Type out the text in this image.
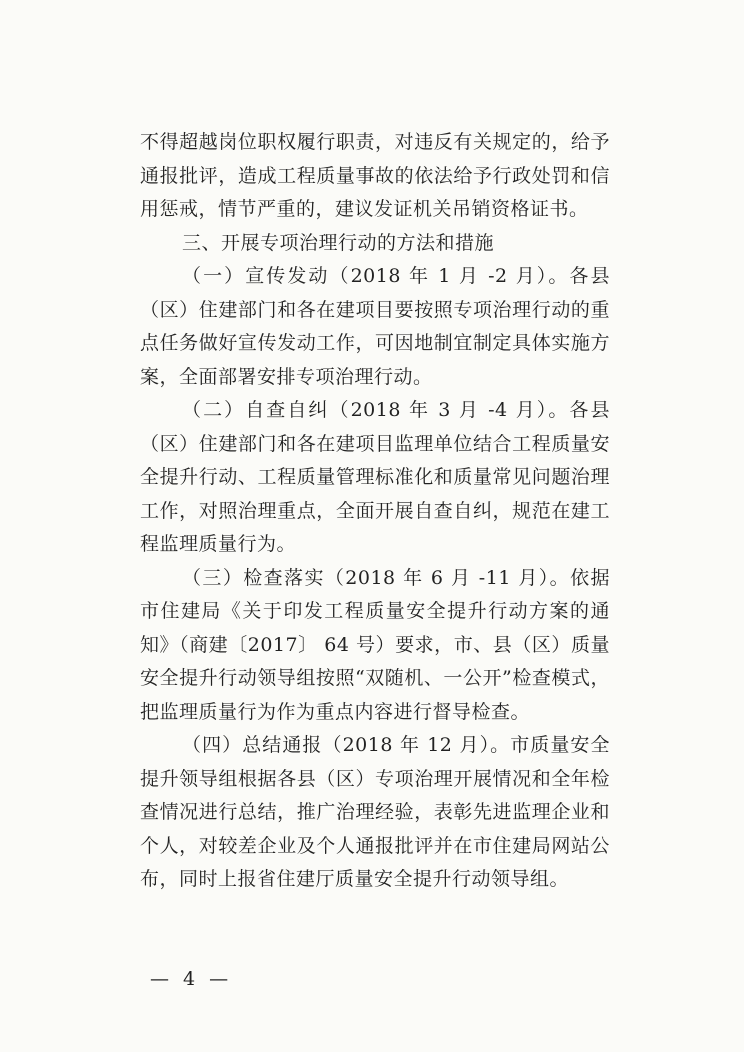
不得超越岗位职权履行职责，对违反有关规定的，给予通报批评，造成工程质量事故的依法给予行政处罚和信用惩戒，情节严重的，建议发证机关吊销资格证书。

三、开展专项治理行动的方法和措施

（一）宣传发动（2018 年 1 月 -2 月）。各县（区）住建部门和各在建项目要按照专项治理行动的重点任务做好宣传发动工作，可因地制宜制定具体实施方案，全面部署安排专项治理行动。

（二）自查自纠（2018 年 3 月 -4 月）。各县（区）住建部门和各在建项目监理单位结合工程质量安全提升行动、工程质量管理标准化和质量常见问题治理工作，对照治理重点，全面开展自查自纠，规范在建工程监理质量行为。

（三）检查落实（2018 年 6 月 -11 月）。依据市住建局《关于印发工程质量安全提升行动方案的通知》（商建〔2017〕 64 号）要求，市、县（区）质量安全提升行动领导组按照“双随机、一公开”检查模式，把监理质量行为作为重点内容进行督导检查。

（四）总结通报（2018 年 12 月）。市质量安全提升领导组根据各县（区）专项治理开展情况和全年检查情况进行总结，推广治理经验，表彰先进监理企业和个人，对较差企业及个人通报批评并在市住建局网站公布，同时上报省住建厅质量安全提升行动领导组。

— 4 —
